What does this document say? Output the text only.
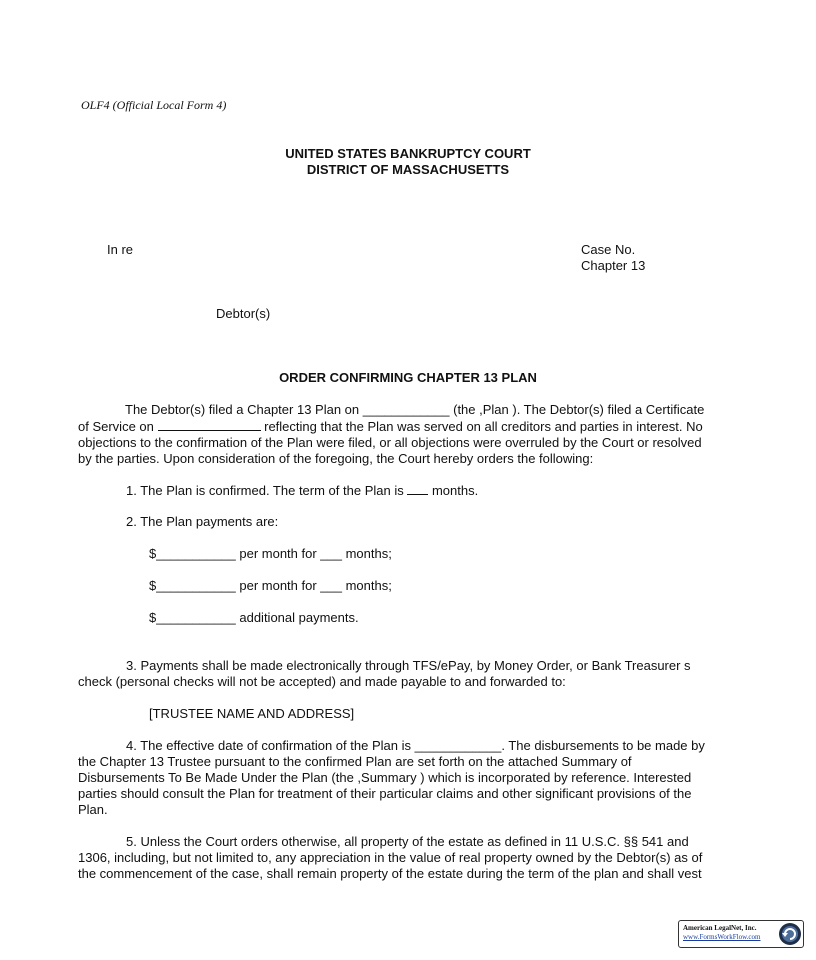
OLF4 (Official Local Form 4)
UNITED STATES BANKRUPTCY COURT
DISTRICT OF MASSACHUSETTS
In re	Case No.
Chapter 13
Debtor(s)
ORDER CONFIRMING CHAPTER 13 PLAN

The Debtor(s) filed a Chapter 13 Plan on ____________ (the ,Plan ). The Debtor(s) filed a Certificate

of Service on	reflecting that the Plan was served on all creditors and parties in interest. No

objections to the confirmation of the Plan were filed, or all objections were overruled by the Court or resolved

by the parties. Upon consideration of the foregoing, the Court hereby orders the following:

1. The Plan is confirmed. The term of the Plan is months.
2. The Plan payments are:
$___________ per month for ___ months;
$___________ per month for ___ months;
$___________ additional payments.
3. Payments shall be made electronically through TFS/ePay, by Money Order, or Bank Treasurer s
check (personal checks will not be accepted) and made payable to and forwarded to:
[TRUSTEE NAME AND ADDRESS]
4. The effective date of confirmation of the Plan is ____________. The disbursements to be made by
the Chapter 13 Trustee pursuant to the confirmed Plan are set forth on the attached Summary of
Disbursements To Be Made Under the Plan (the ,Summary ) which is incorporated by reference. Interested
parties should consult the Plan for treatment of their particular claims and other significant provisions of the
Plan.
5. Unless the Court orders otherwise, all property of the estate as defined in 11 U.S.C. §§ 541 and
1306, including, but not limited to, any appreciation in the value of real property owned by the Debtor(s) as of
the commencement of the case, shall remain property of the estate during the term of the plan and shall vest
American LegalNet, Inc.
www.FormsWorkFlow.com
